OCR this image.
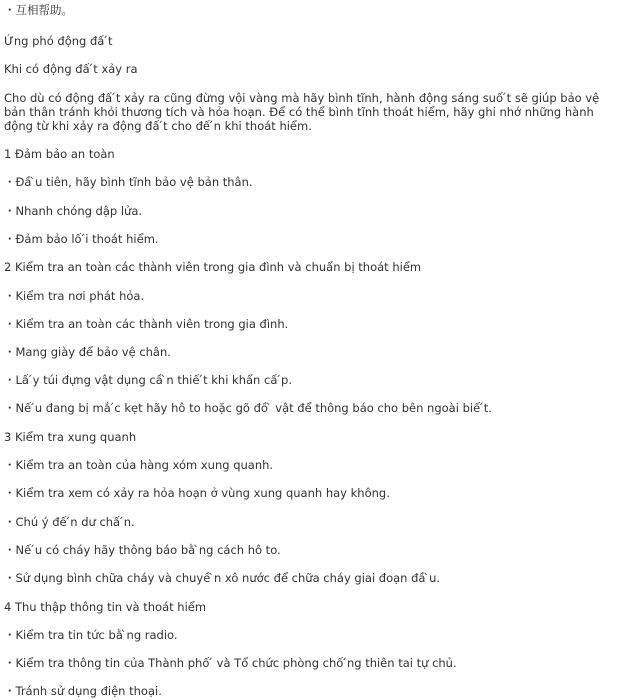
・互相帮助。
Ứng phó động đấ ́t
Khi có động đấ ́t xảy ra
Cho dù có động đấ ́t xảy ra cũng đừng vội vàng mà hãy bình tĩnh, hành động sáng suố ́t sẽ giúp bảo vệ bản thân tránh khỏi thương tích và hỏa hoạn. Để có thể bình tĩnh thoát hiểm, hãy ghi nhớ những hành động từ khi xảy ra động đấ ́t cho đế ́n khi thoát hiểm.
1 Đảm bảo an toàn
・Đầ ̀u tiên, hãy bình tĩnh bảo vệ bản thân.
・Nhanh chóng dập lửa.
・Đảm bảo lố ́i thoát hiểm.
2 Kiểm tra an toàn các thành viên trong gia đình và chuẩn bị thoát hiểm
・Kiểm tra nơi phát hỏa.
・Kiểm tra an toàn các thành viên trong gia đình.
・Mang giày để bảo vệ chân.
・Lấ ́y túi đựng vật dụng cầ ̀n thiế ́t khi khẩn cấ ́p.
・Nế ́u đang bị mắ ́c kẹt hãy hô to hoặc gõ đồ ̀ vật để thông báo cho bên ngoài biế ́t.
3 Kiểm tra xung quanh
・Kiểm tra an toàn của hàng xóm xung quanh.
・Kiểm tra xem có xảy ra hỏa hoạn ở vùng xung quanh hay không.
・Chú ý đế ́n dư chấ ́n.
・Nế ́u có cháy hãy thông báo bằ ̀ng cách hô to.
・Sử dụng bình chữa cháy và chuyề ̀n xô nước để chữa cháy giai đoạn đầ ̀u.
4 Thu thập thông tin và thoát hiểm
・Kiểm tra tin tức bằ ̀ng radio.
・Kiểm tra thông tin của Thành phố ́ và Tổ chức phòng chố ́ng thiên tai tự chủ.
・Tránh sử dụng điện thoại.
